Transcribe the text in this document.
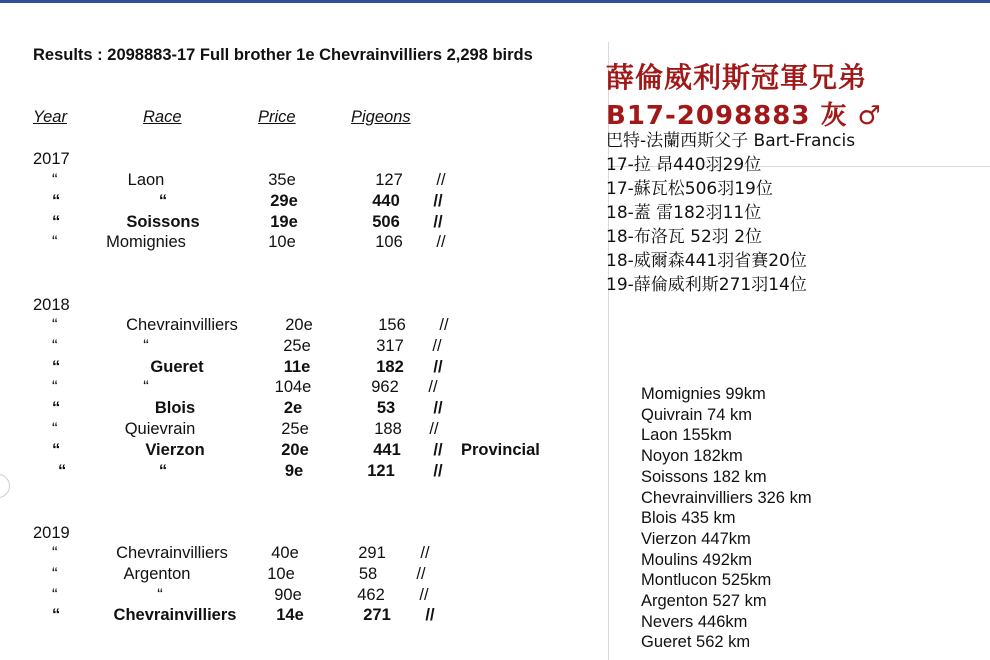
Results : 2098883-17 Full brother 1e Chevrainvilliers 2,298 birds
Year	Race	Price	Pigeons
2017
“	Laon	35e	127 //
“	“	29e	440 //
“	Soissons	19e	506 //
“	Momignies	10e	106 //
2018
“	Chevrainvilliers	20e	156 //
“	“	25e	317 //
“	Gueret	11e	182 //
“	“	104e	962 //
“	Blois	2e	53 //
“	Quievrain	25e	188 //
“	Vierzon	20e	441 // Provincial
“	“	9e	121 //
2019
“	Chevrainvilliers	40e	291 //
“	Argenton	10e	58 //
“	“	90e	462 //
“	Chevrainvilliers 14e	271 //
薛倫威利斯冠軍兄弟
B17-2098883 灰 ♂
巴特-法蘭西斯父子 Bart-Francis
17-拉 昂440羽29位
17-蘇瓦松506羽19位
18-蓋 雷182羽11位
18-布洛瓦 52羽 2位
18-威爾森441羽省賽20位
19-薛倫威利斯271羽14位
Momignies 99km
Quivrain 74 km
Laon 155km
Noyon 182km
Soissons 182 km
Chevrainvilliers 326 km
Blois 435 km
Vierzon 447km
Moulins 492km
Montlucon 525km
Argenton 527 km
Nevers 446km
Gueret 562 km
